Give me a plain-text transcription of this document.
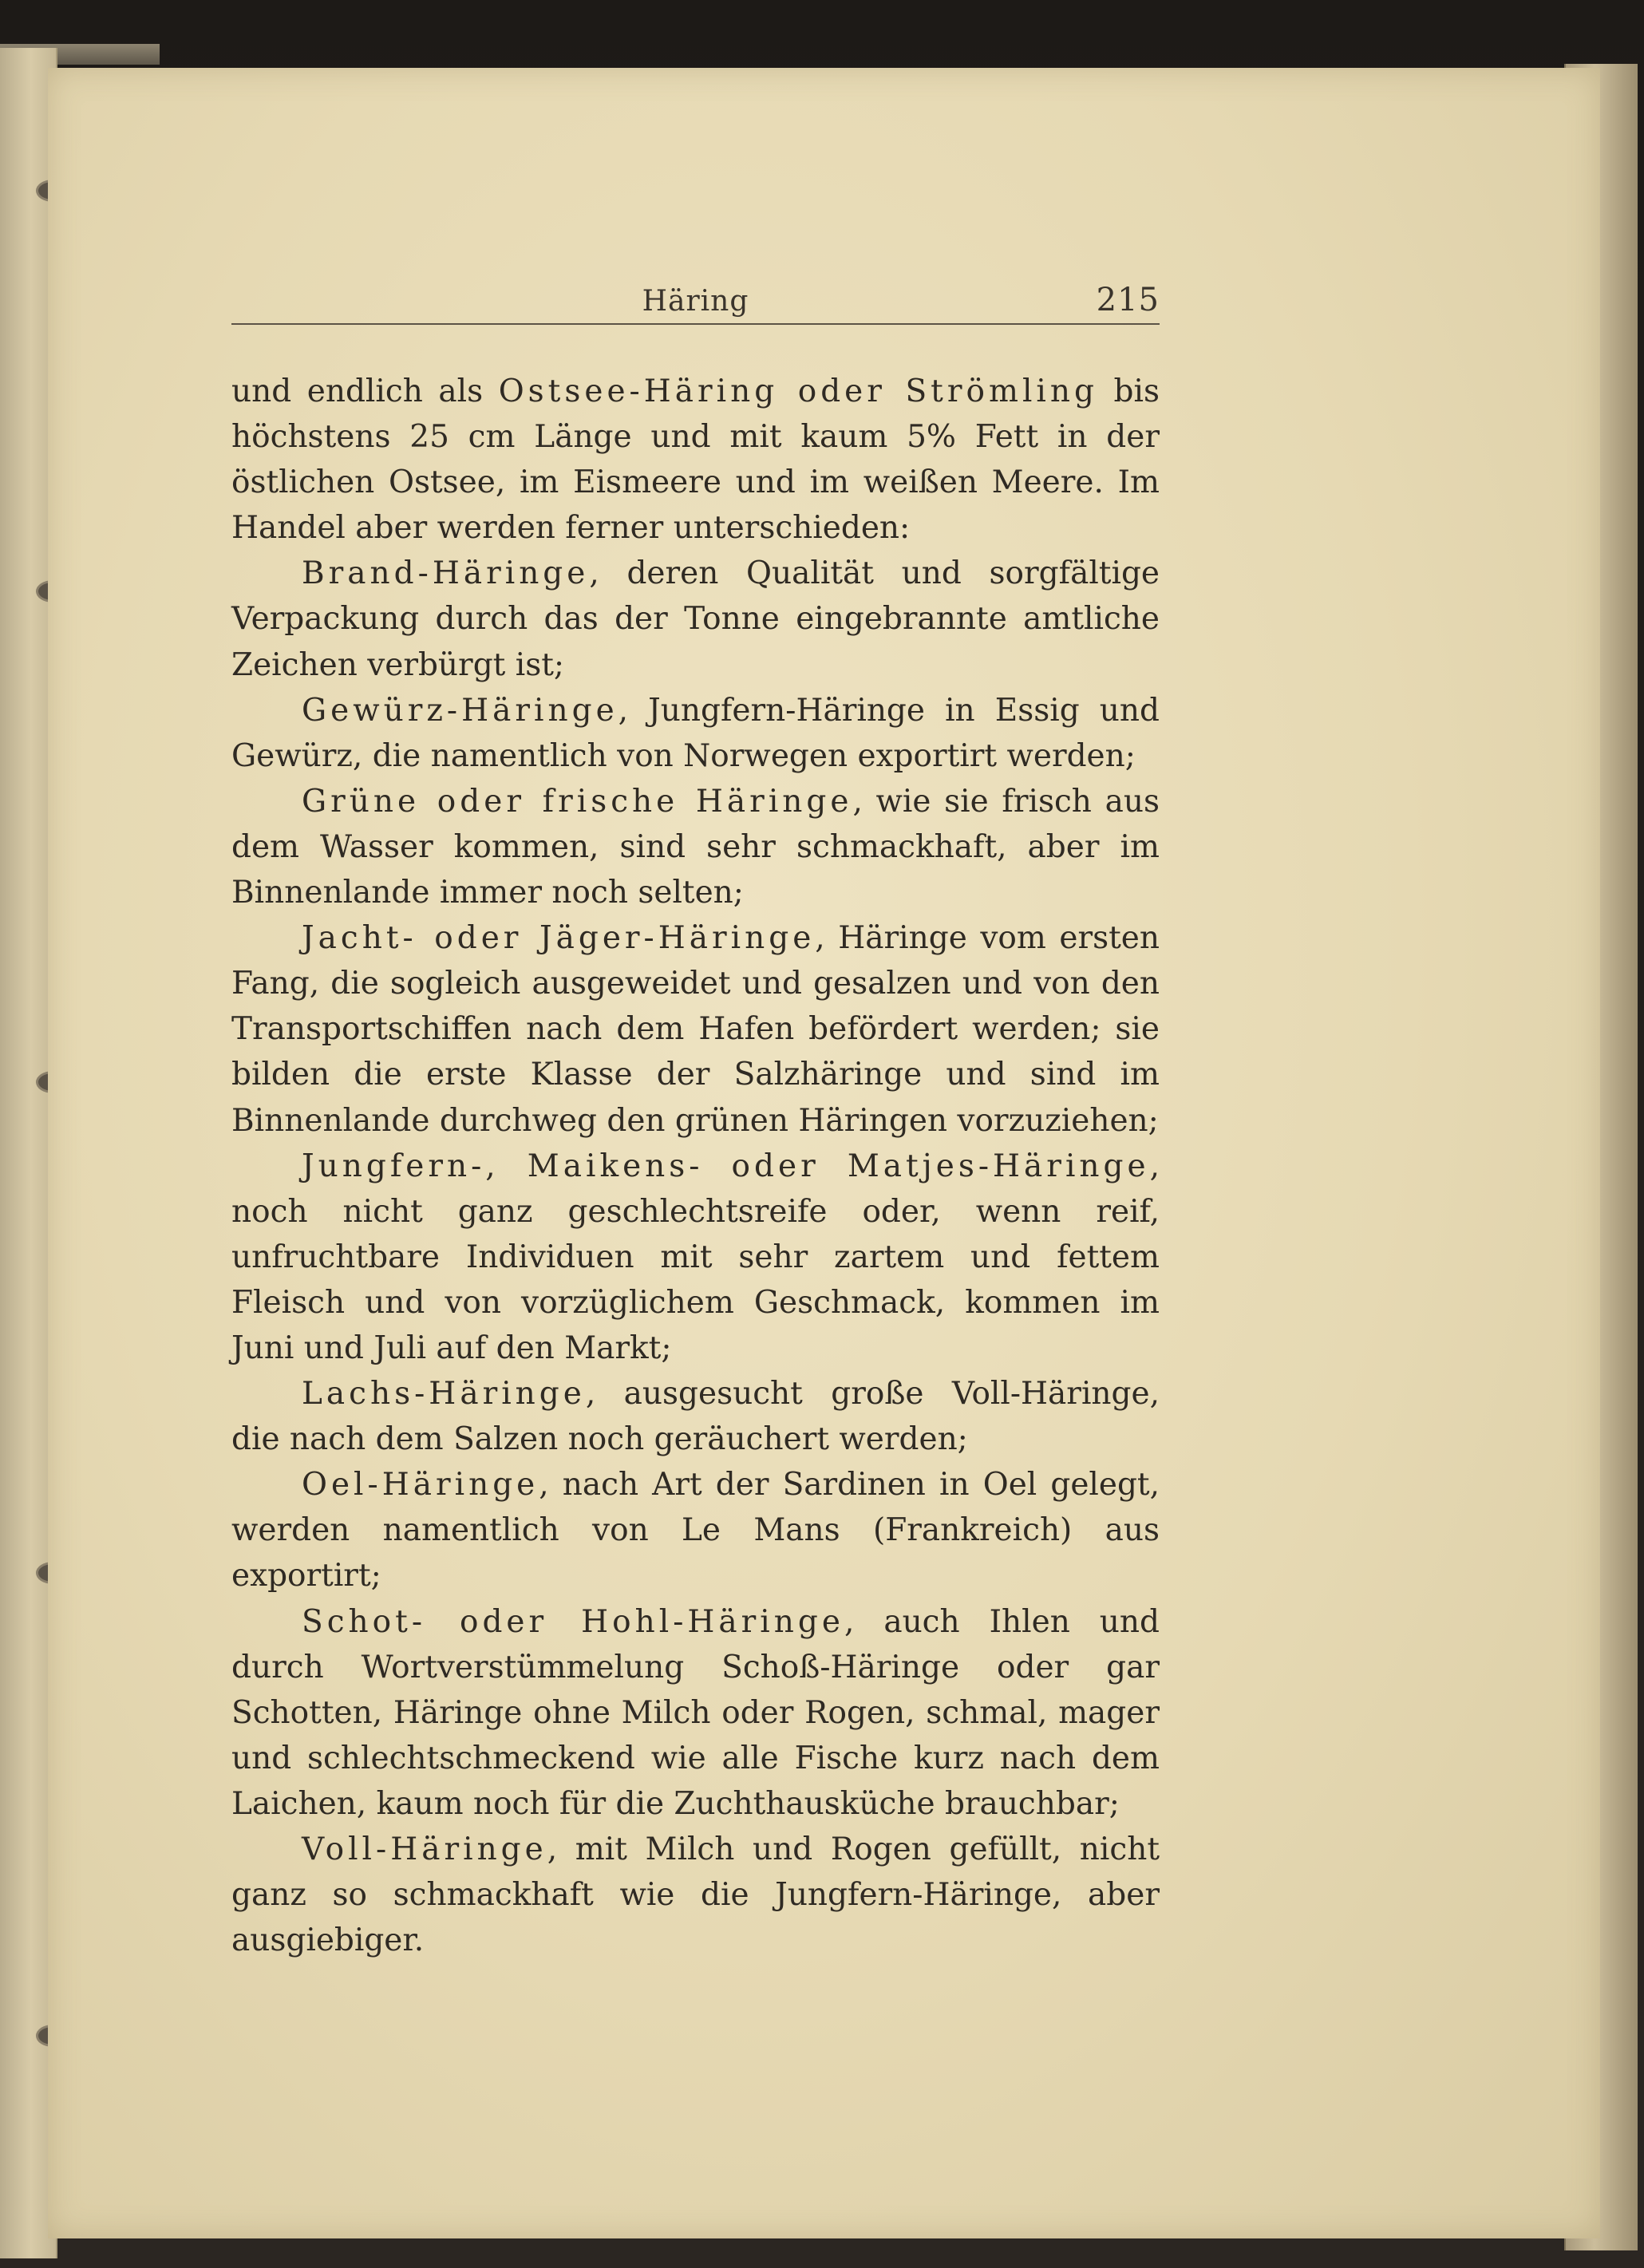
Häring	215

und endlich als Ostsee-Häring oder Strömling bis höchstens 25 cm Länge und mit kaum 5% Fett in der östlichen Ostsee, im Eismeere und im weißen Meere. Im Handel aber werden ferner unterschieden:

Brand-Häringe, deren Qualität und sorgfältige Verpackung durch das der Tonne eingebrannte amtliche Zeichen verbürgt ist;

Gewürz-Häringe, Jungfern-Häringe in Essig und Gewürz, die namentlich von Norwegen exportirt werden;

Grüne oder frische Häringe, wie sie frisch aus dem Wasser kommen, sind sehr schmackhaft, aber im Binnenlande immer noch selten;

Jacht- oder Jäger-Häringe, Häringe vom ersten Fang, die sogleich ausgeweidet und gesalzen und von den Transportschiffen nach dem Hafen befördert werden; sie bilden die erste Klasse der Salzhäringe und sind im Binnenlande durchweg den grünen Häringen vorzuziehen;

Jungfern-, Maikens- oder Matjes-Häringe, noch nicht ganz geschlechtsreife oder, wenn reif, unfruchtbare Individuen mit sehr zartem und fettem Fleisch und von vorzüglichem Geschmack, kommen im Juni und Juli auf den Markt;

Lachs-Häringe, ausgesucht große Voll-Häringe, die nach dem Salzen noch geräuchert werden;

Oel-Häringe, nach Art der Sardinen in Oel gelegt, werden namentlich von Le Mans (Frankreich) aus exportirt;

Schot- oder Hohl-Häringe, auch Ihlen und durch Wortverstümmelung Schoß-Häringe oder gar Schotten, Häringe ohne Milch oder Rogen, schmal, mager und schlechtschmeckend wie alle Fische kurz nach dem Laichen, kaum noch für die Zuchthausküche brauchbar;

Voll-Häringe, mit Milch und Rogen gefüllt, nicht ganz so schmackhaft wie die Jungfern-Häringe, aber ausgiebiger.
